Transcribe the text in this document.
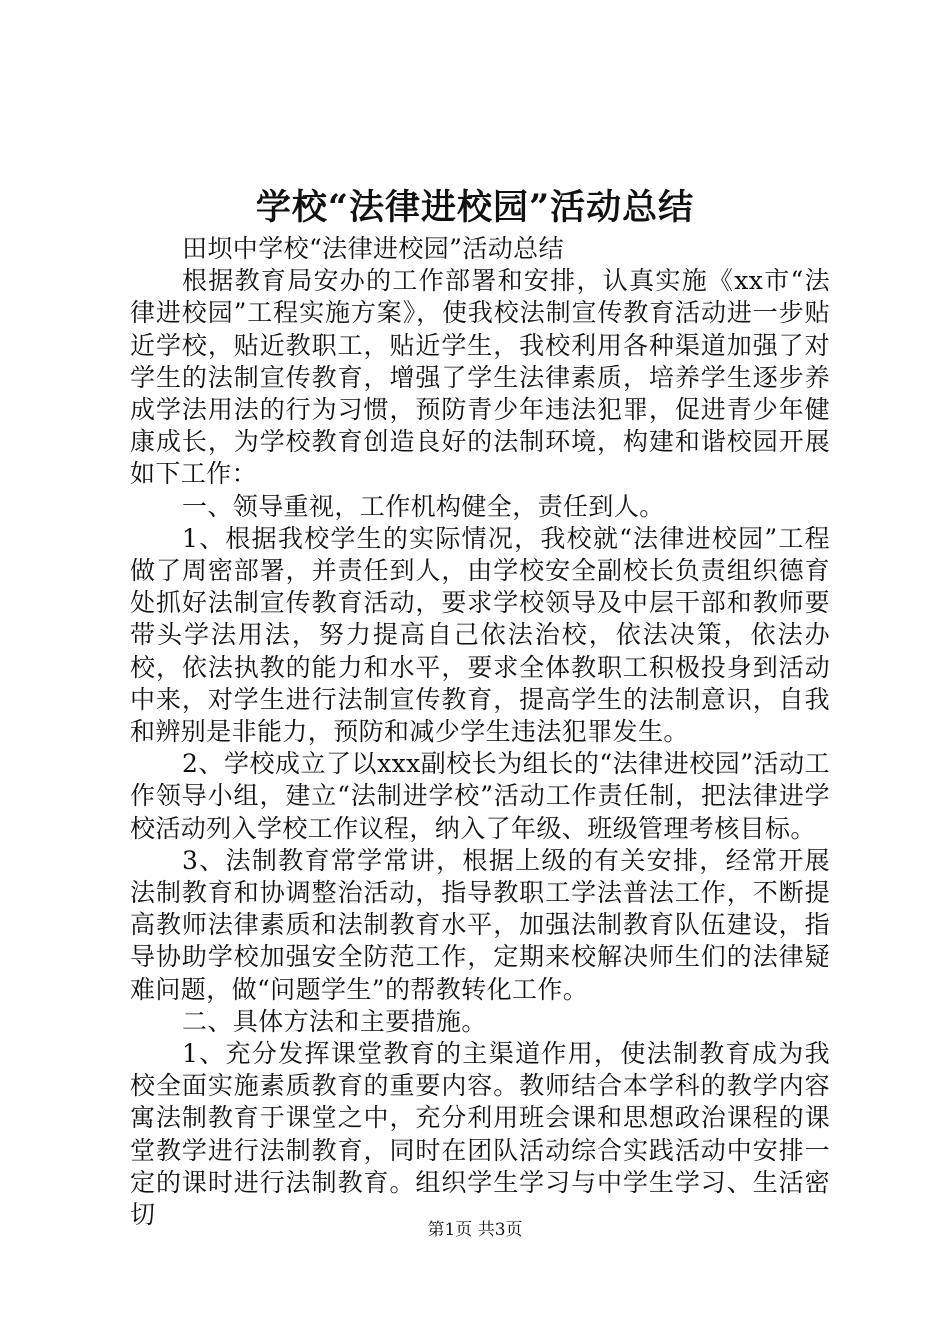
学校“法律进校园”活动总结

田坝中学校“法律进校园”活动总结

根据教育局安办的工作部署和安排，认真实施《xx市“法律进校园”工程实施方案》，使我校法制宣传教育活动进一步贴近学校，贴近教职工，贴近学生，我校利用各种渠道加强了对学生的法制宣传教育，增强了学生法律素质，培养学生逐步养成学法用法的行为习惯，预防青少年违法犯罪，促进青少年健康成长，为学校教育创造良好的法制环境，构建和谐校园开展如下工作：

一、领导重视，工作机构健全，责任到人。

1、根据我校学生的实际情况，我校就“法律进校园”工程做了周密部署，并责任到人，由学校安全副校长负责组织德育处抓好法制宣传教育活动，要求学校领导及中层干部和教师要带头学法用法，努力提高自己依法治校，依法决策，依法办校，依法执教的能力和水平，要求全体教职工积极投身到活动中来，对学生进行法制宣传教育，提高学生的法制意识，自我和辨别是非能力，预防和减少学生违法犯罪发生。

2、学校成立了以xxx副校长为组长的“法律进校园”活动工作领导小组，建立“法制进学校”活动工作责任制，把法律进学校活动列入学校工作议程，纳入了年级、班级管理考核目标。

3、法制教育常学常讲，根据上级的有关安排，经常开展法制教育和协调整治活动，指导教职工学法普法工作，不断提高教师法律素质和法制教育水平，加强法制教育队伍建设，指导协助学校加强安全防范工作，定期来校解决师生们的法律疑难问题，做“问题学生”的帮教转化工作。

二、具体方法和主要措施。

1、充分发挥课堂教育的主渠道作用，使法制教育成为我校全面实施素质教育的重要内容。教师结合本学科的教学内容寓法制教育于课堂之中，充分利用班会课和思想政治课程的课堂教学进行法制教育，同时在团队活动综合实践活动中安排一定的课时进行法制教育。组织学生学习与中学生学习、生活密切

第1页 共3页
